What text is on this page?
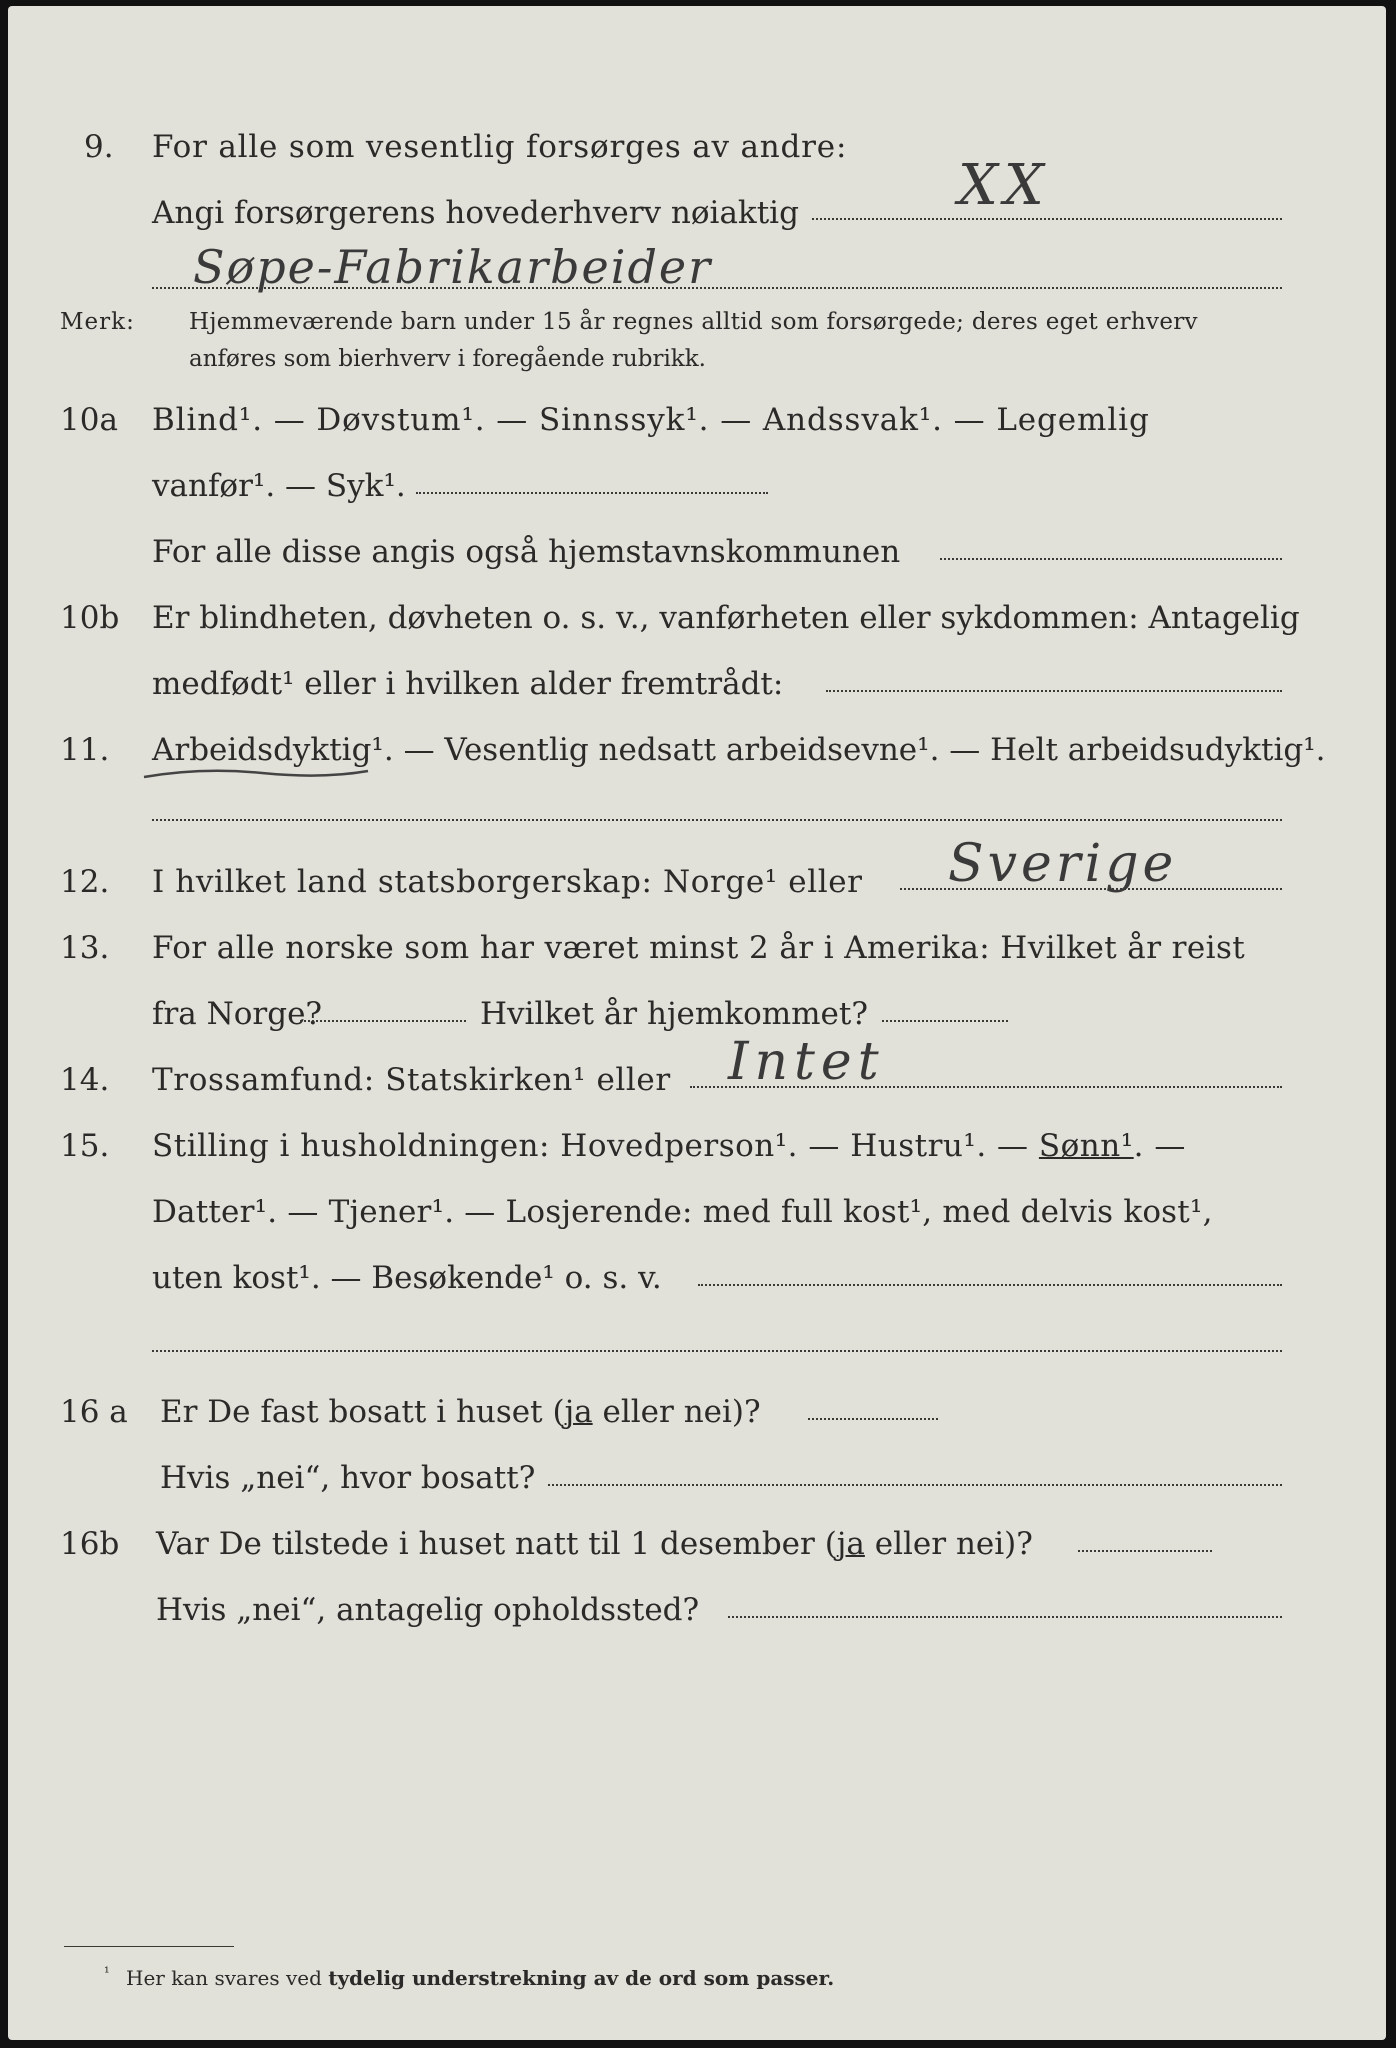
9. For alle som vesentlig forsørges av andre:
Angi forsørgerens hovederhverv nøiaktig	XX
Søpe-Fabrikarbeider
Merk: Hjemmeværende barn under 15 år regnes alltid som forsørgede; deres eget erhverv
anføres som bierhverv i foregående rubrikk.
10a Blind¹. — Døvstum¹. — Sinnssyk¹. — Andssvak¹. — Legemlig
vanfør¹. — Syk¹.
For alle disse angis også hjemstavnskommunen
10b Er blindheten, døvheten o. s. v., vanførheten eller sykdommen: Antagelig
medfødt¹ eller i hvilken alder fremtrådt:
11. Arbeidsdyktig¹. — Vesentlig nedsatt arbeidsevne¹. — Helt arbeidsudyktig¹.
12. I hvilket land statsborgerskap: Norge¹ eller Sverige
13. For alle norske som har været minst 2 år i Amerika: Hvilket år reist
fra Norge?	Hvilket år hjemkommet?
14. Trossamfund: Statskirken¹ eller Intet
15. Stilling i husholdningen: Hovedperson¹. — Hustru¹. — Sønn¹. —
Datter¹. — Tjener¹. — Losjerende: med full kost¹, med delvis kost¹,
uten kost¹. — Besøkende¹ o. s. v.
16 a Er De fast bosatt i huset (ja eller nei)?
Hvis „nei“, hvor bosatt?
16b Var De tilstede i huset natt til 1 desember (ja eller nei)?
Hvis „nei“, antagelig opholdssted?
¹ Her kan svares ved tydelig understrekning av de ord som passer.
